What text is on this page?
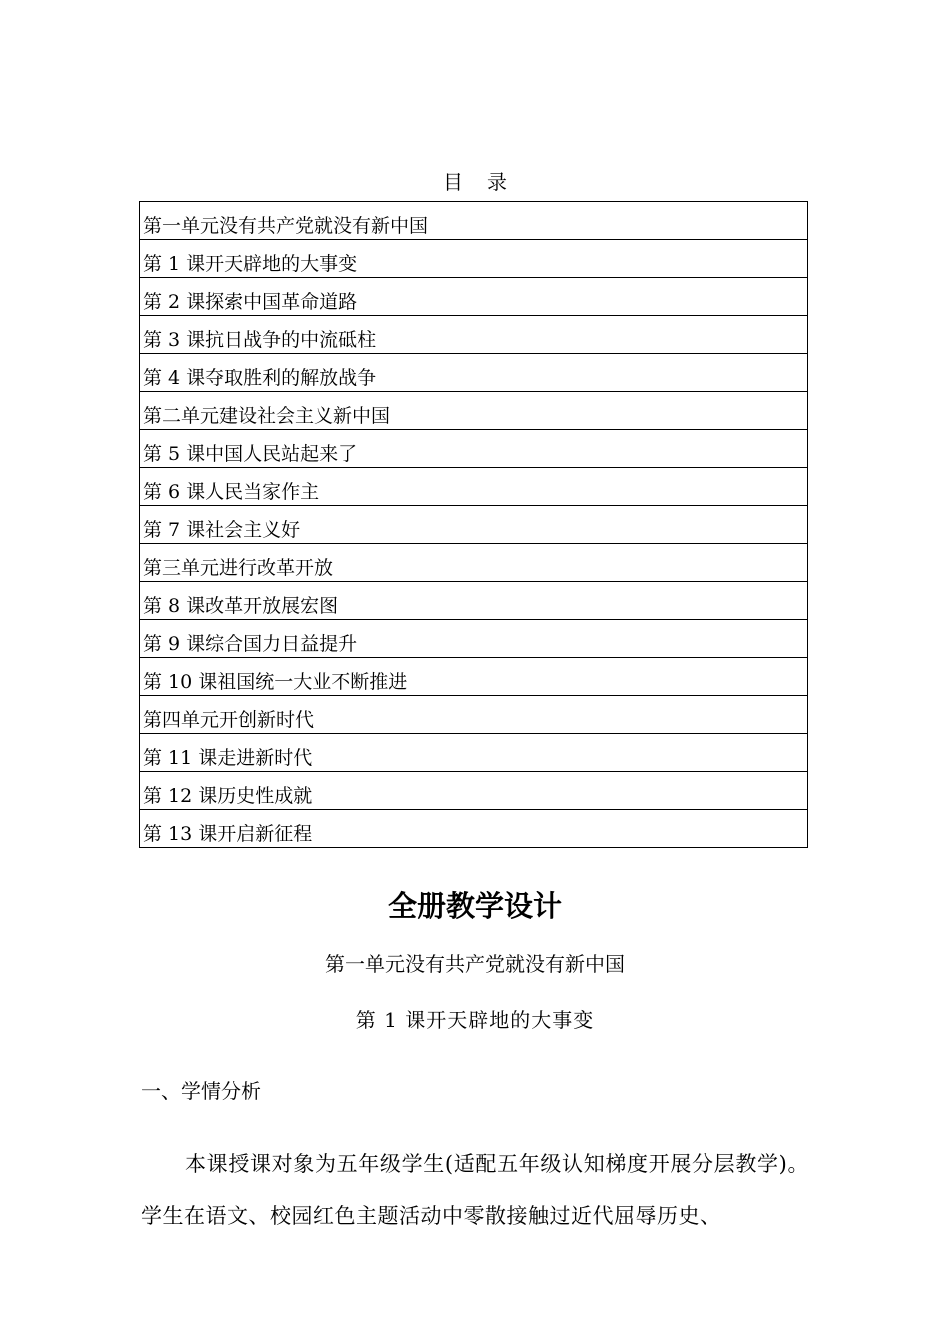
目录
第一单元没有共产党就没有新中国

第 1 课开天辟地的大事变

第 2 课探索中国革命道路

第 3 课抗日战争的中流砥柱

第 4 课夺取胜利的解放战争

第二单元建设社会主义新中国

第 5 课中国人民站起来了

第 6 课人民当家作主

第 7 课社会主义好

第三单元进行改革开放

第 8 课改革开放展宏图

第 9 课综合国力日益提升

第 10 课祖国统一大业不断推进

第四单元开创新时代

第 11 课走进新时代

第 12 课历史性成就

第 13 课开启新征程
全册教学设计
第一单元没有共产党就没有新中国
第 1 课开天辟地的大事变
一、学情分析
本课授课对象为五年级学生(适配五年级认知梯度开展分层教学)。学生在语文、校园红色主题活动中零散接触过近代屈辱历史、
